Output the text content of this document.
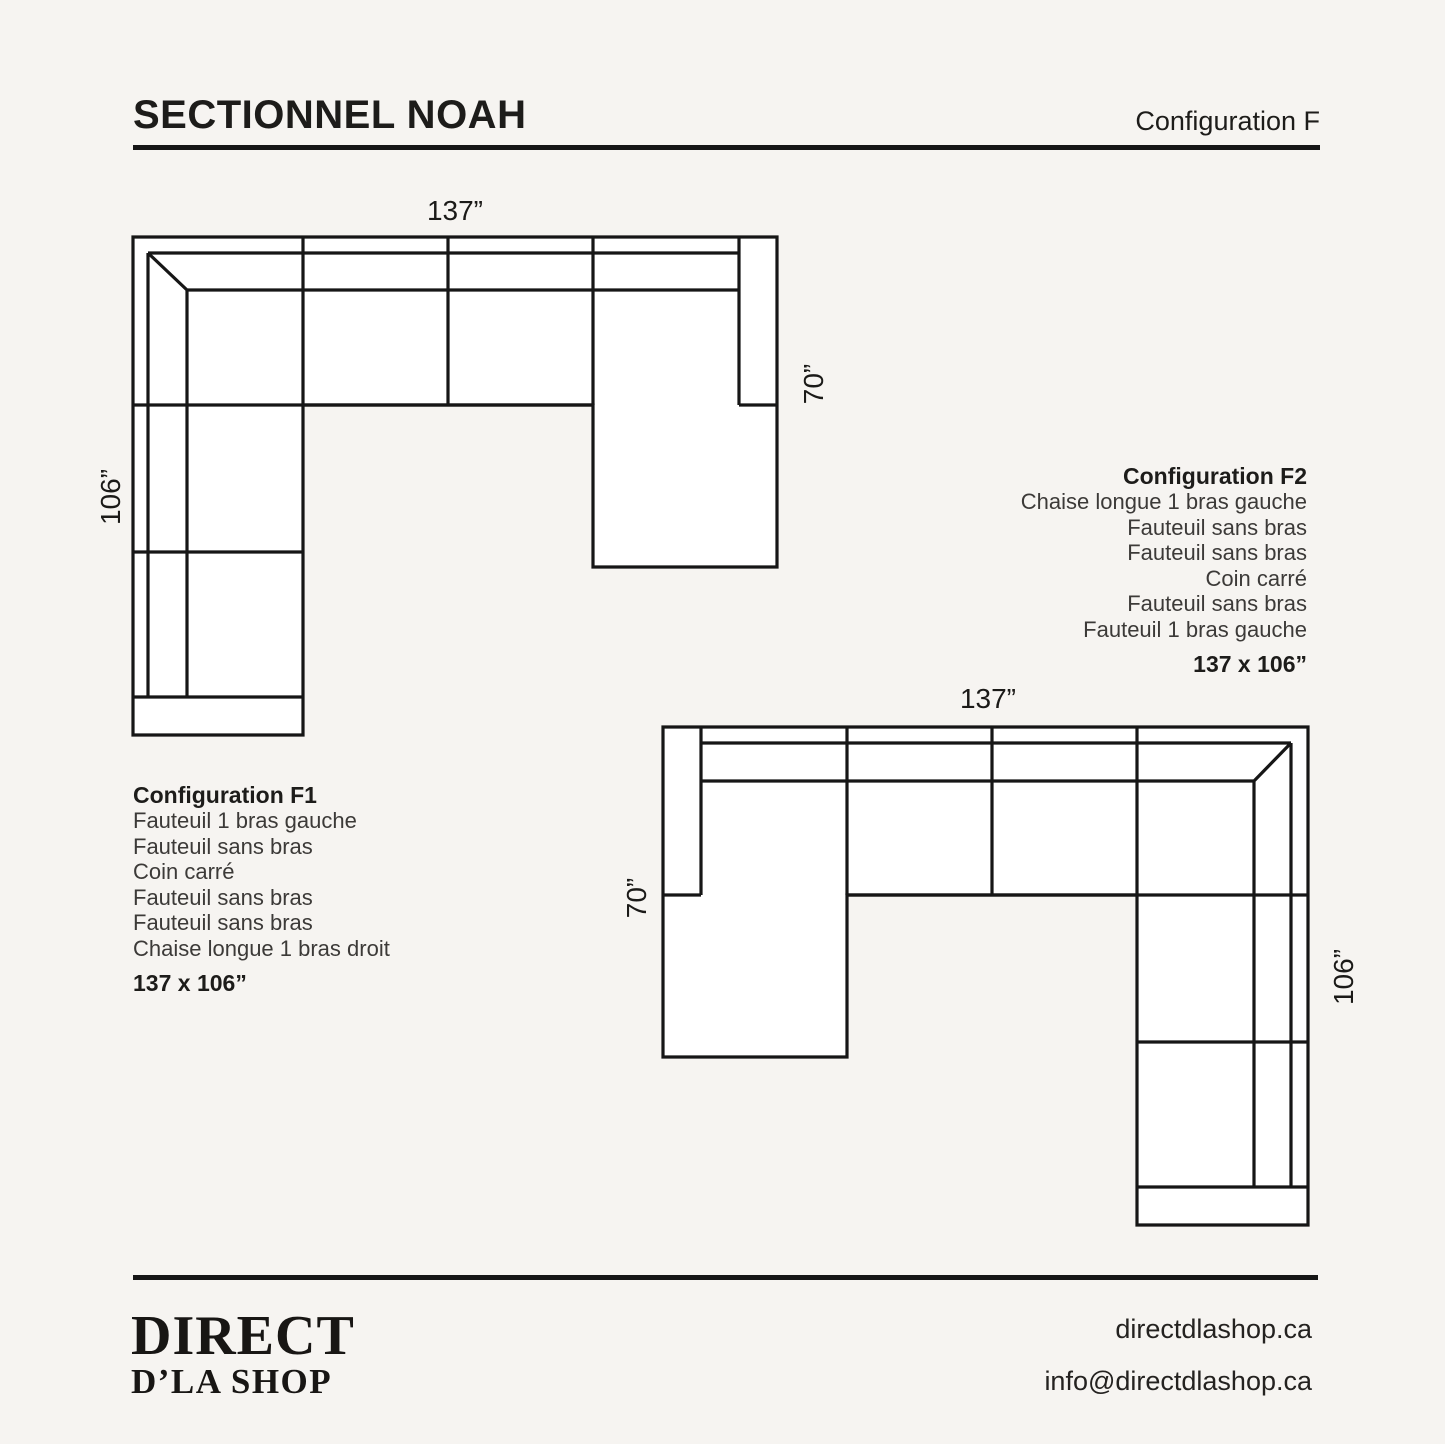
SECTIONNEL NOAH	Configuration F
137”
106”
70”
137”
70”
106”
Configuration F1
Fauteuil 1 bras gauche
Fauteuil sans bras
Coin carré
Fauteuil sans bras
Fauteuil sans bras
Chaise longue 1 bras droit
137 x 106”
Configuration F2
Chaise longue 1 bras gauche
Fauteuil sans bras
Fauteuil sans bras
Coin carré
Fauteuil sans bras
Fauteuil 1 bras gauche
137 x 106”
DIRECT
D’LA SHOP
directdlashop.ca
info@directdlashop.ca
